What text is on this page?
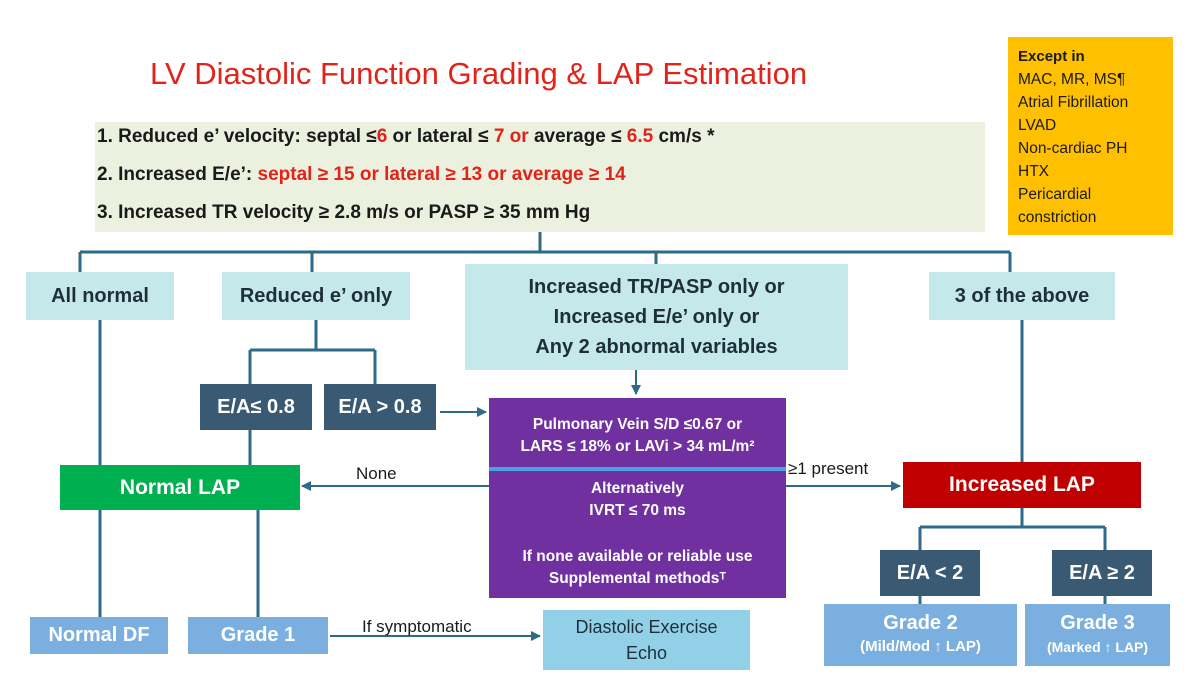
LV Diastolic Function Grading & LAP Estimation	Except in
MAC, MR, MS¶
Atrial Fibrillation
LVAD
Non-cardiac PH
HTX
Pericardial constriction
1. Reduced e’ velocity: septal ≤6 or lateral ≤ 7 or average ≤ 6.5 cm/s *
2. Increased E/e’: septal ≥ 15 or lateral ≥ 13 or average ≥ 14
3. Increased TR velocity ≥ 2.8 m/s or PASP ≥ 35 mm Hg
All normal	Reduced e’ only	Increased TR/PASP only or
Increased E/e’ only or
Any 2 abnormal variables
3 of the above
E/A≤ 0.8	E/A > 0.8
Pulmonary Vein S/D ≤0.67 or
LARS ≤ 18% or LAVi > 34 mL/m²
Alternatively
IVRT ≤ 70 ms
If none available or reliable use
Supplemental methodsᵀ
Normal LAP	Increased LAP
None	≥1 present
If symptomatic
E/A < 2	E/A ≥ 2
Normal DF	Grade 1	Diastolic Exercise
Echo
Grade 2
(Mild/Mod ↑ LAP)
Grade 3
(Marked ↑ LAP)
